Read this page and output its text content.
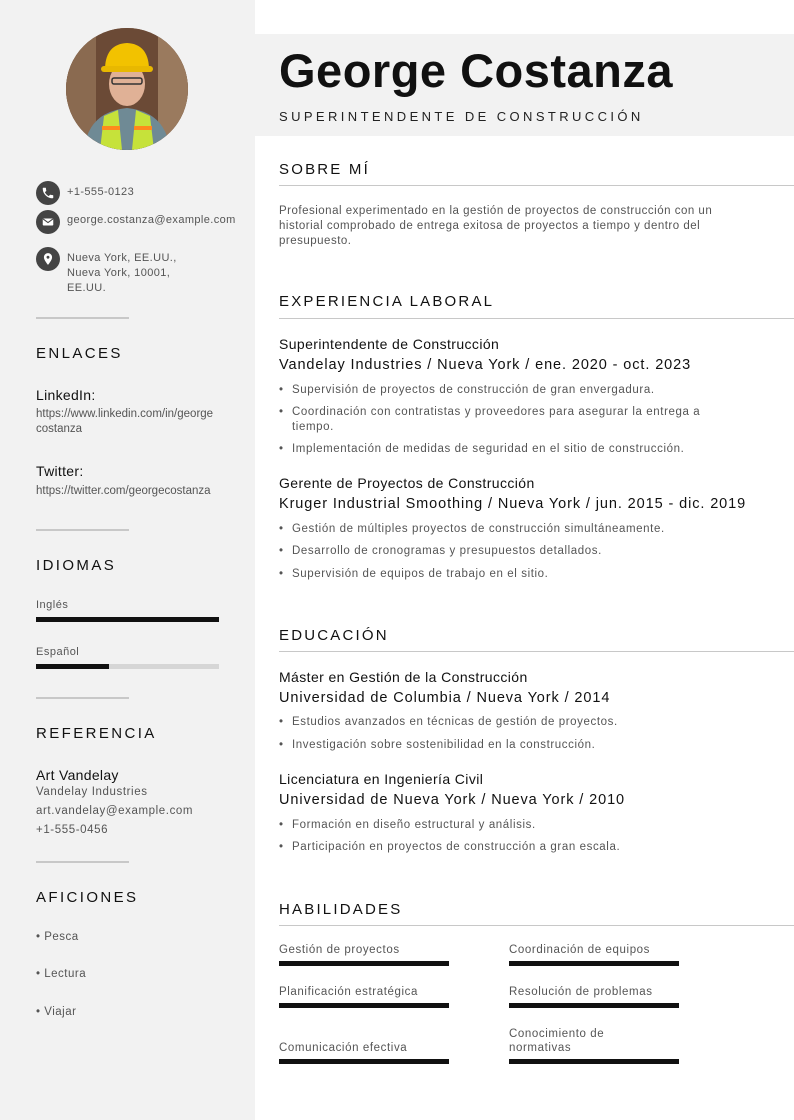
+1-555-0123
george.costanza@example.com
Nueva York, EE.UU., Nueva York, 10001, EE.UU.
ENLACES
LinkedIn:
https://www.linkedin.com/in/georgecostanza
Twitter:
https://twitter.com/georgecostanza
IDIOMAS
Inglés
Español
REFERENCIA
Art Vandelay
Vandelay Industries
art.vandelay@example.com
+1-555-0456
AFICIONES
• Pesca
• Lectura
• Viajar
George Costanza
SUPERINTENDENTE DE CONSTRUCCIÓN
SOBRE MÍ
Profesional experimentado en la gestión de proyectos de construcción con un historial comprobado de entrega exitosa de proyectos a tiempo y dentro del presupuesto.
EXPERIENCIA LABORAL
Superintendente de Construcción
Vandelay Industries / Nueva York / ene. 2020 - oct. 2023
• Supervisión de proyectos de construcción de gran envergadura.
• Coordinación con contratistas y proveedores para asegurar la entrega a tiempo.
• Implementación de medidas de seguridad en el sitio de construcción.
Gerente de Proyectos de Construcción
Kruger Industrial Smoothing / Nueva York / jun. 2015 - dic. 2019
• Gestión de múltiples proyectos de construcción simultáneamente.
• Desarrollo de cronogramas y presupuestos detallados.
• Supervisión de equipos de trabajo en el sitio.
EDUCACIÓN
Máster en Gestión de la Construcción
Universidad de Columbia / Nueva York / 2014
• Estudios avanzados en técnicas de gestión de proyectos.
• Investigación sobre sostenibilidad en la construcción.
Licenciatura en Ingeniería Civil
Universidad de Nueva York / Nueva York / 2010
• Formación en diseño estructural y análisis.
• Participación en proyectos de construcción a gran escala.
HABILIDADES
Gestión de proyectos	Coordinación de equipos
Planificación estratégica	Resolución de problemas
Comunicación efectiva
Conocimiento de normativas
